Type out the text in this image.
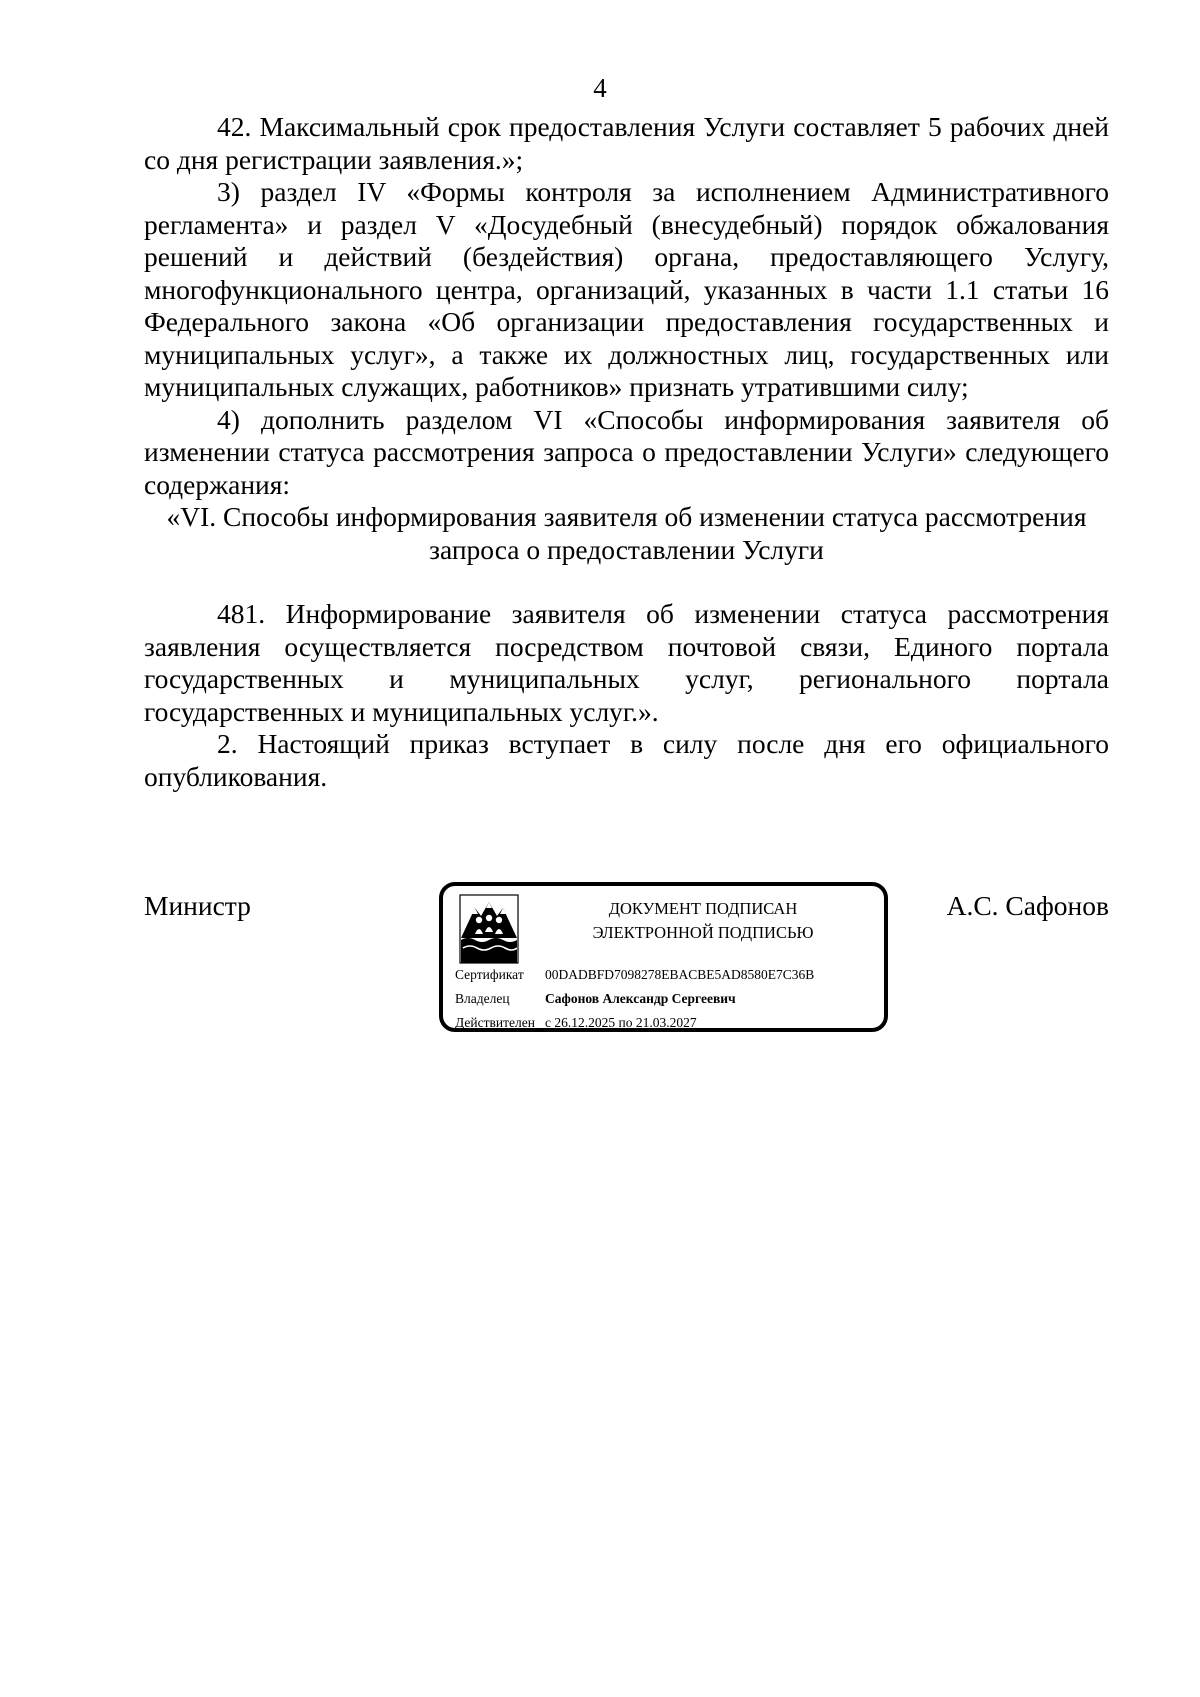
4

42. Максимальный срок предоставления Услуги составляет 5 рабочих дней со дня регистрации заявления.»;

3) раздел IV «Формы контроля за исполнением Административного регламента» и раздел V «Досудебный (внесудебный) порядок обжалования решений и действий (бездействия) органа, предоставляющего Услугу, многофункционального центра, организаций, указанных в части 1.1 статьи 16 Федерального закона «Об организации предоставления государственных и муниципальных услуг», а также их должностных лиц, государственных или муниципальных служащих, работников» признать утратившими силу;

4) дополнить разделом VI «Способы информирования заявителя об изменении статуса рассмотрения запроса о предоставлении Услуги» следующего содержания:

«VI. Способы информирования заявителя об изменении статуса рассмотрения

запроса о предоставлении Услуги

481. Информирование заявителя об изменении статуса рассмотрения заявления осуществляется посредством почтовой связи, Единого портала государственных и муниципальных услуг, регионального портала государственных и муниципальных услуг.».

2. Настоящий приказ вступает в силу после дня его официального опубликования.

Министр	ДОКУМЕНТ ПОДПИСАН
ЭЛЕКТРОННОЙ ПОДПИСЬЮ
Сертификат 00DADBFD7098278EBACBE5AD8580E7C36B
Владелец	Сафонов Александр Сергеевич
Действителен с 26.12.2025 по 21.03.2027
А.С. Сафонов
